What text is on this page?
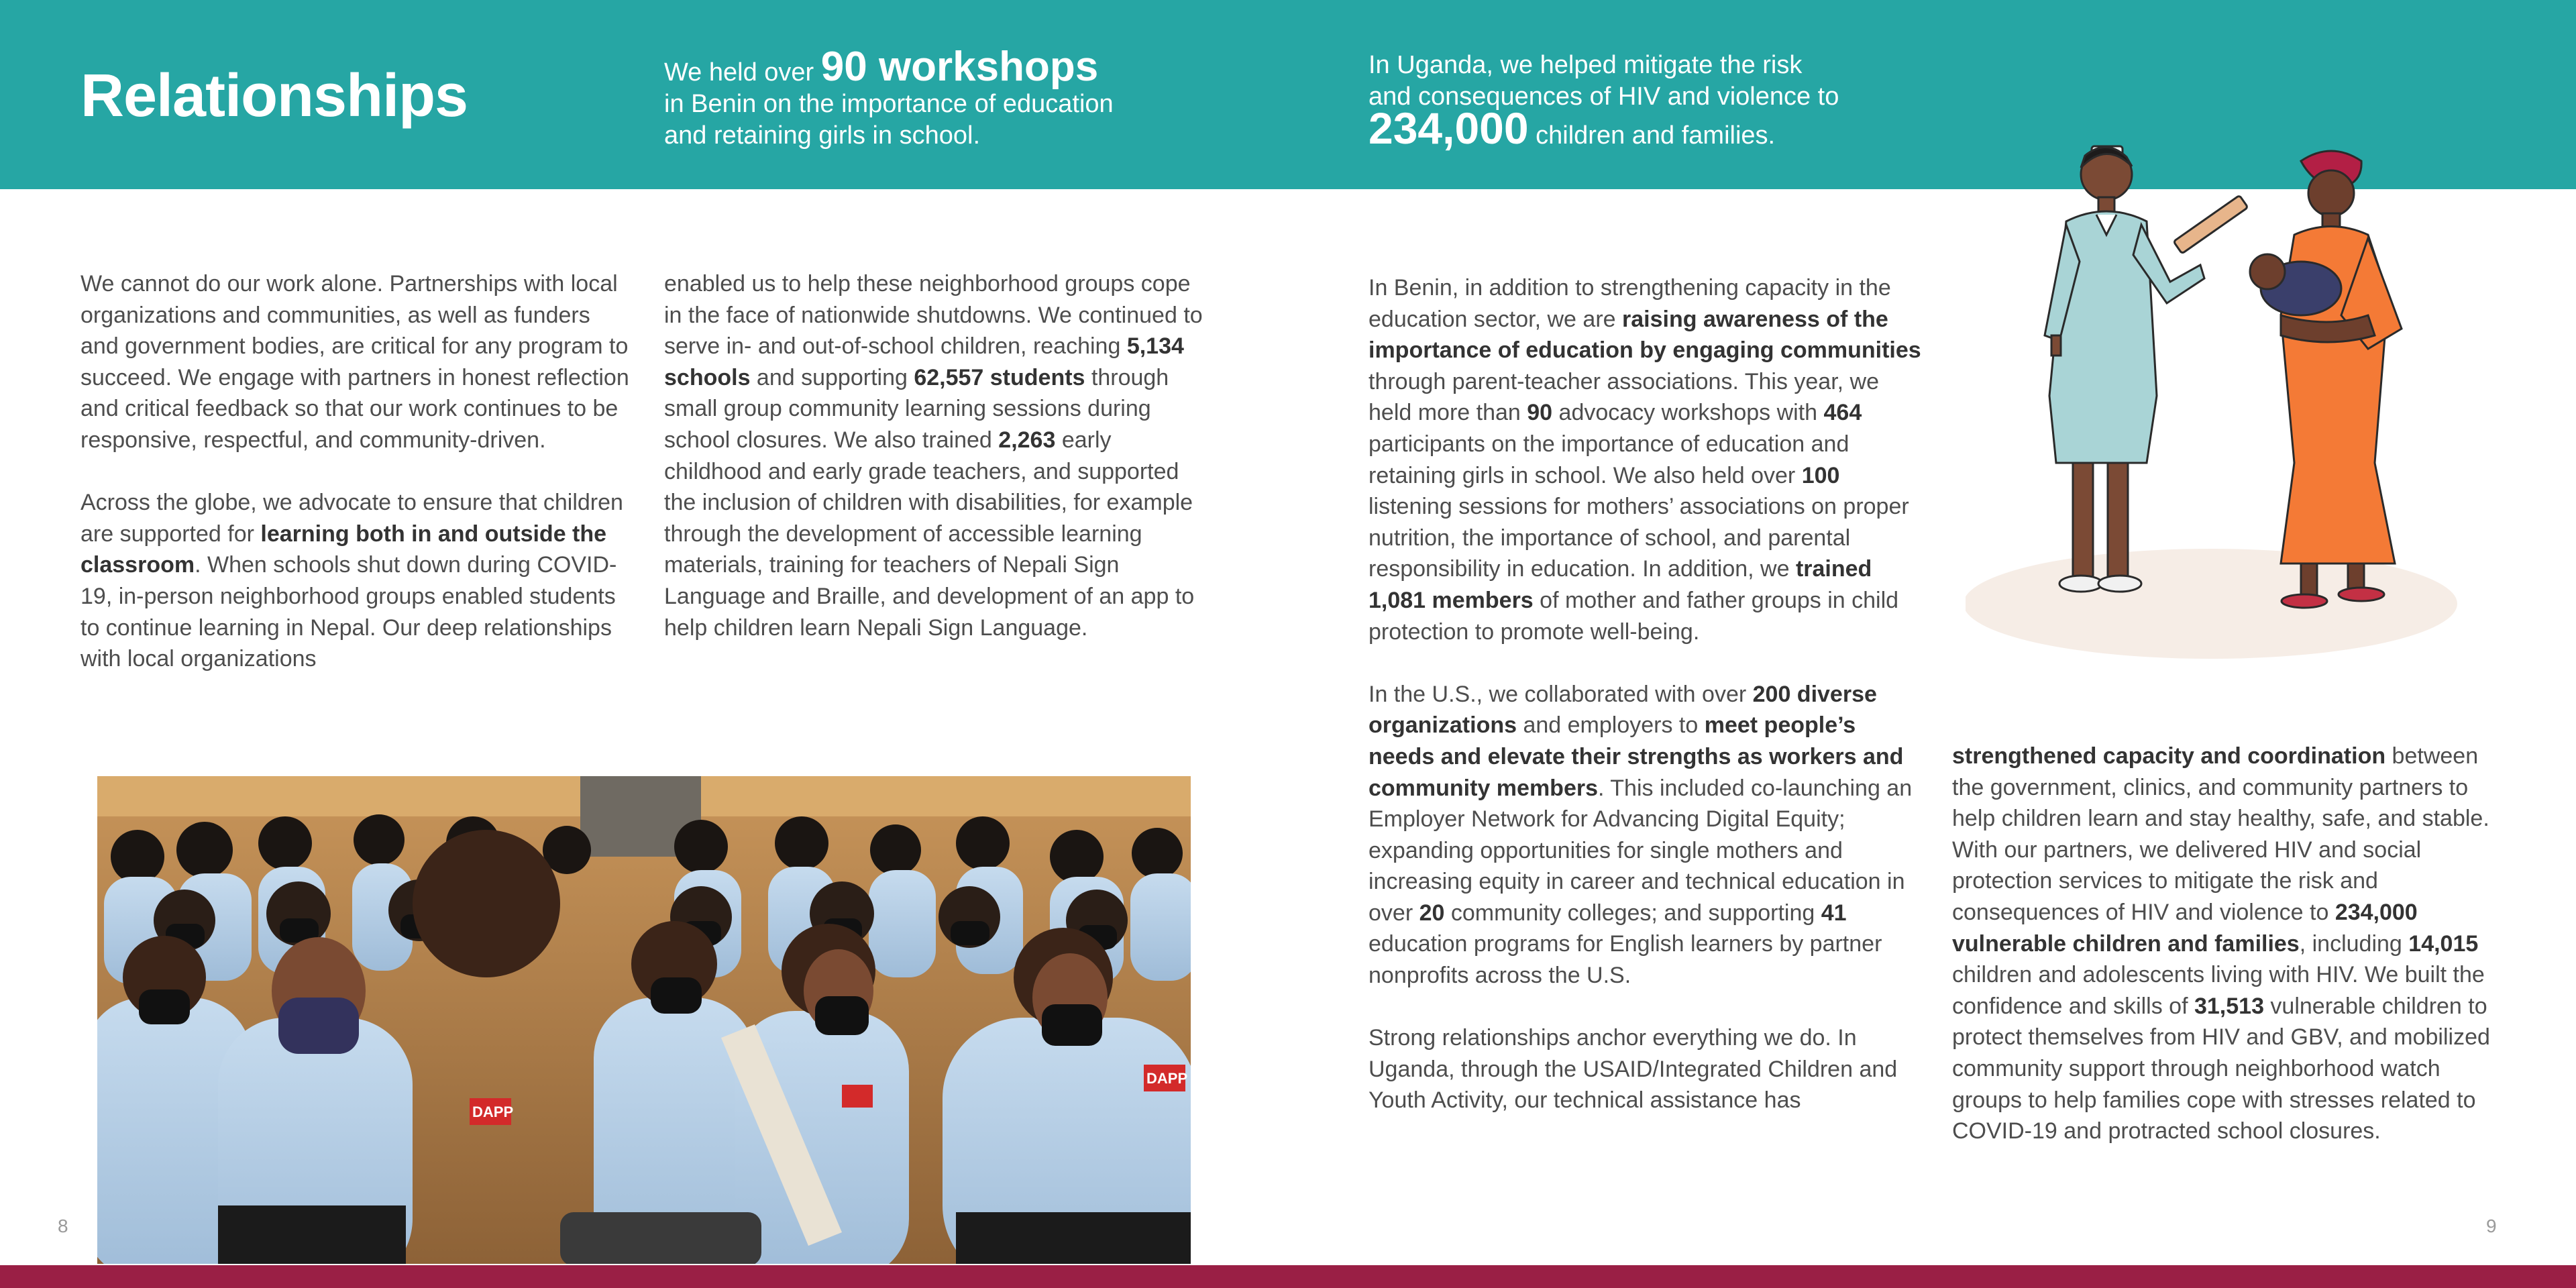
Relationships	We held over 90 workshops
in Benin on the importance of education
and retaining girls in school.
In Uganda, we helped mitigate the risk
and consequences of HIV and violence to
234,000 children and families.

We cannot do our work alone. Partnerships with local organizations and communities, as well as funders and government bodies, are critical for any program to succeed. We engage with partners in honest reflection and critical feedback so that our work continues to be responsive, respectful, and community-driven.

Across the globe, we advocate to ensure that children are supported for learning both in and outside the classroom. When schools shut down during COVID-19, in-person neighborhood groups enabled students to continue learning in Nepal. Our deep relationships with local organizations

enabled us to help these neighborhood groups cope in the face of nationwide shutdowns. We continued to serve in- and out-of-school children, reaching 5,134 schools and supporting 62,557 students through small group community learning sessions during school closures. We also trained 2,263 early childhood and early grade teachers, and supported the inclusion of children with disabilities, for example through the development of accessible learning materials, training for teachers of Nepali Sign Language and Braille, and development of an app to help children learn Nepali Sign Language.

In Benin, in addition to strengthening capacity in the education sector, we are raising awareness of the importance of education by engaging communities through parent-teacher associations. This year, we held more than 90 advocacy workshops with 464 participants on the importance of education and retaining girls in school. We also held over 100 listening sessions for mothers’ associations on proper nutrition, the importance of school, and parental responsibility in education. In addition, we trained 1,081 members of mother and father groups in child protection to promote well-being.

In the U.S., we collaborated with over 200 diverse organizations and employers to meet people’s needs and elevate their strengths as workers and community members. This included co-launching an Employer Network for Advancing Digital Equity; expanding opportunities for single mothers and increasing equity in career and technical education in over 20 community colleges; and supporting 41 education programs for English learners by partner nonprofits across the U.S.

Strong relationships anchor everything we do. In Uganda, through the USAID/Integrated Children and Youth Activity, our technical assistance has

strengthened capacity and coordination between the government, clinics, and community partners to help children learn and stay healthy, safe, and stable. With our partners, we delivered HIV and social protection services to mitigate the risk and consequences of HIV and violence to 234,000 vulnerable children and families, including 14,015 children and adolescents living with HIV. We built the confidence and skills of 31,513 vulnerable children to protect themselves from HIV and GBV, and mobilized community support through neighborhood watch groups to help families cope with stresses related to COVID-19 and protracted school closures.

DAPP
DAPP
8	9
